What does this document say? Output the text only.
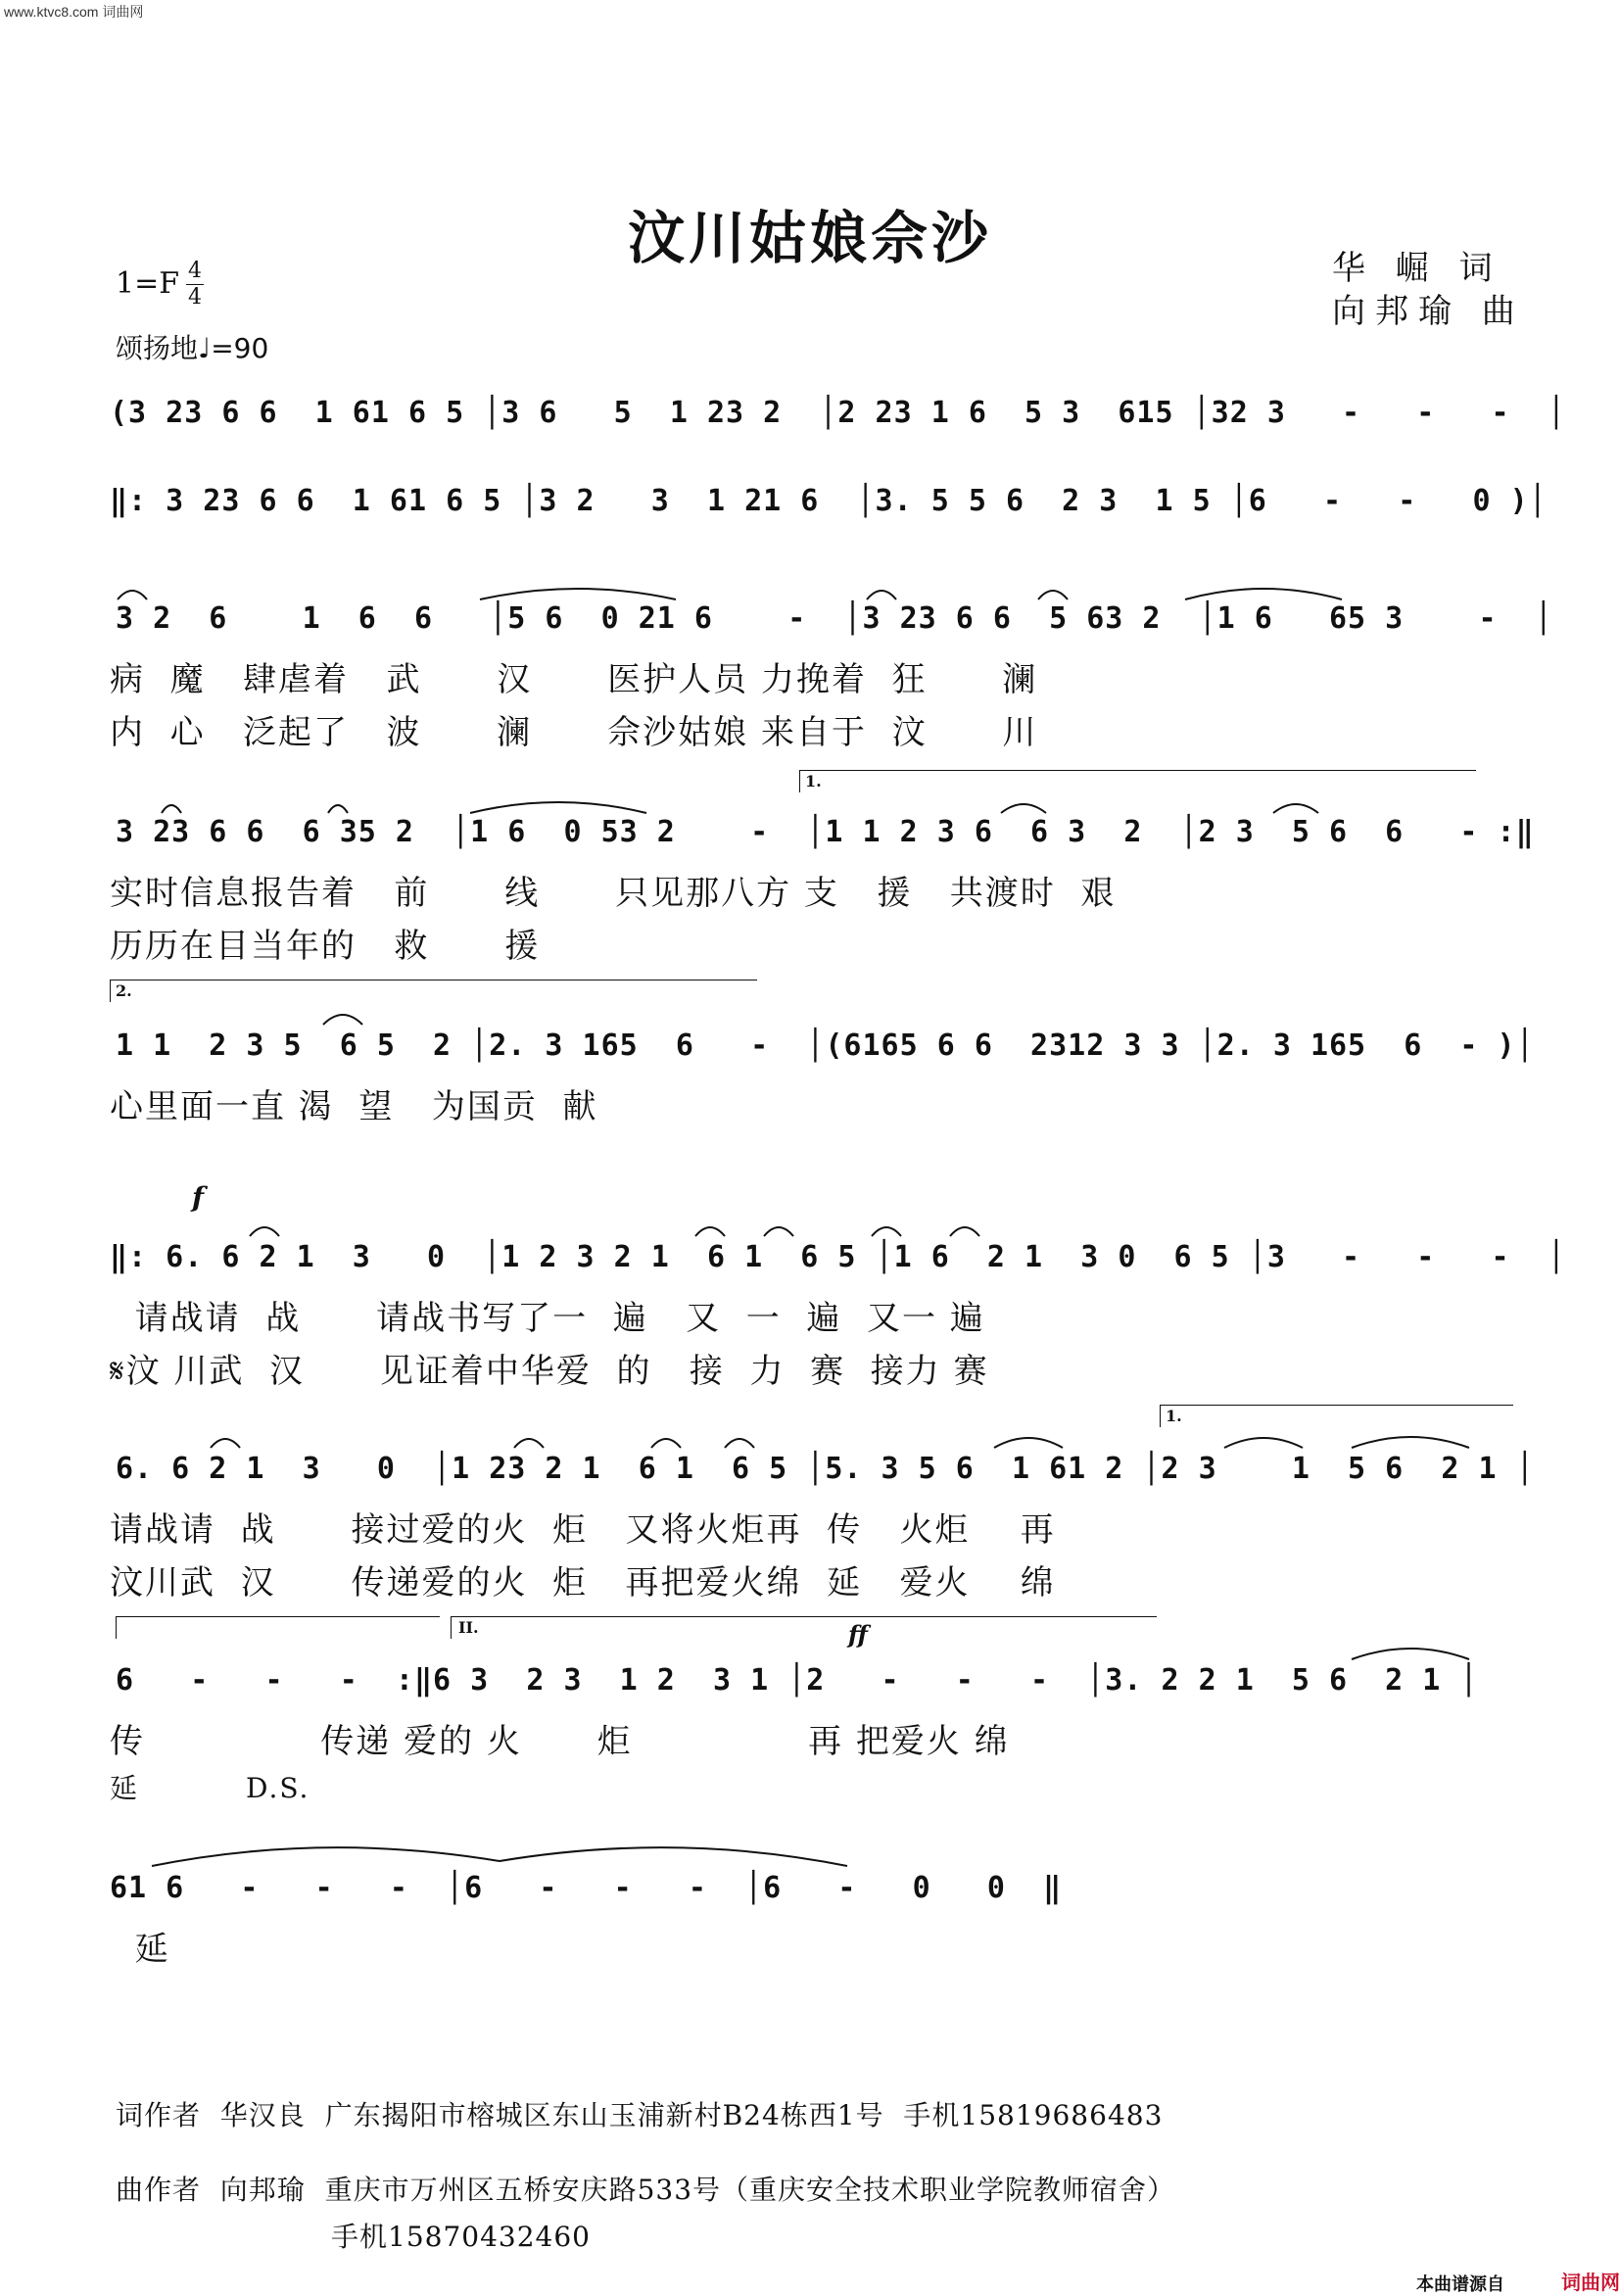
www.ktvc8.com 词曲网
汶川姑娘佘沙	华 崛 词
向邦瑜 曲
1=F 4
4
颂扬地♩=90
(3 23 6 6  1 61 6 5 │3 6   5  1 23 2  │2 23 1 6  5 3  615 │32 3   -   -   -  │
‖: 3 23 6 6  1 61 6 5 │3 2   3  1 21 6  │3. 5 5 6  2 3  1 5 │6   -   -   0 )│
3 2  6    1  6  6   │5 6  0 21 6    -  │3 23 6 6  5 63 2  │1 6   65 3    -  │
病  魔   肆虐着   武      汉      医护人员 力挽着  狂      澜
内  心   泛起了   波      澜      佘沙姑娘 来自于  汶      川
3 23 6 6  6 35 2  │1 6  0 53 2    -  │1 1 2 3 6  6 3  2  │2 3  5 6  6   - :‖
实时信息报告着   前      线      只见那八方 支   援   共渡时  艰
历历在目当年的   救      援
1.
2.
1 1  2 3 5  6 5  2 │2. 3 165  6   -  │(6165 6 6  2312 3 3 │2. 3 165  6  - )│
心里面一直 渴  望   为国贡  献
f
‖: 6. 6 2 1  3   0  │1 2 3 2 1  6 1  6 5 │1 6  2 1  3 0  6 5 │3   -   -   -  │
请战请  战      请战书写了一  遍   又  一  遍  又一 遍
𝄋汶 川武  汉      见证着中华爱  的   接  力  赛  接力 赛
1.
6. 6 2 1  3   0  │1 23 2 1  6 1  6 5 │5. 3 5 6  1 61 2 │2 3    1  5 6  2 1 │
请战请  战      接过爱的火  炬   又将火炬再  传   火炬    再
汶川武  汉      传递爱的火  炬   再把爱火绵  延   爱火    绵
II.	ff
6   -   -   -  :‖6 3  2 3  1 2  3 1 │2   -   -   -  │3. 2 2 1  5 6  2 1 │
传              传递 爱的 火      炬              再 把爱火 绵
延          D.S.
61 6   -   -   -  │6   -   -   -  │6   -   0   0  ‖
延
词作者  华汉良  广东揭阳市榕城区东山玉浦新村B24栋西1号  手机15819686483
曲作者  向邦瑜  重庆市万州区五桥安庆路533号（重庆安全技术职业学院教师宿舍）
手机15870432460
本曲谱源自	词曲网
